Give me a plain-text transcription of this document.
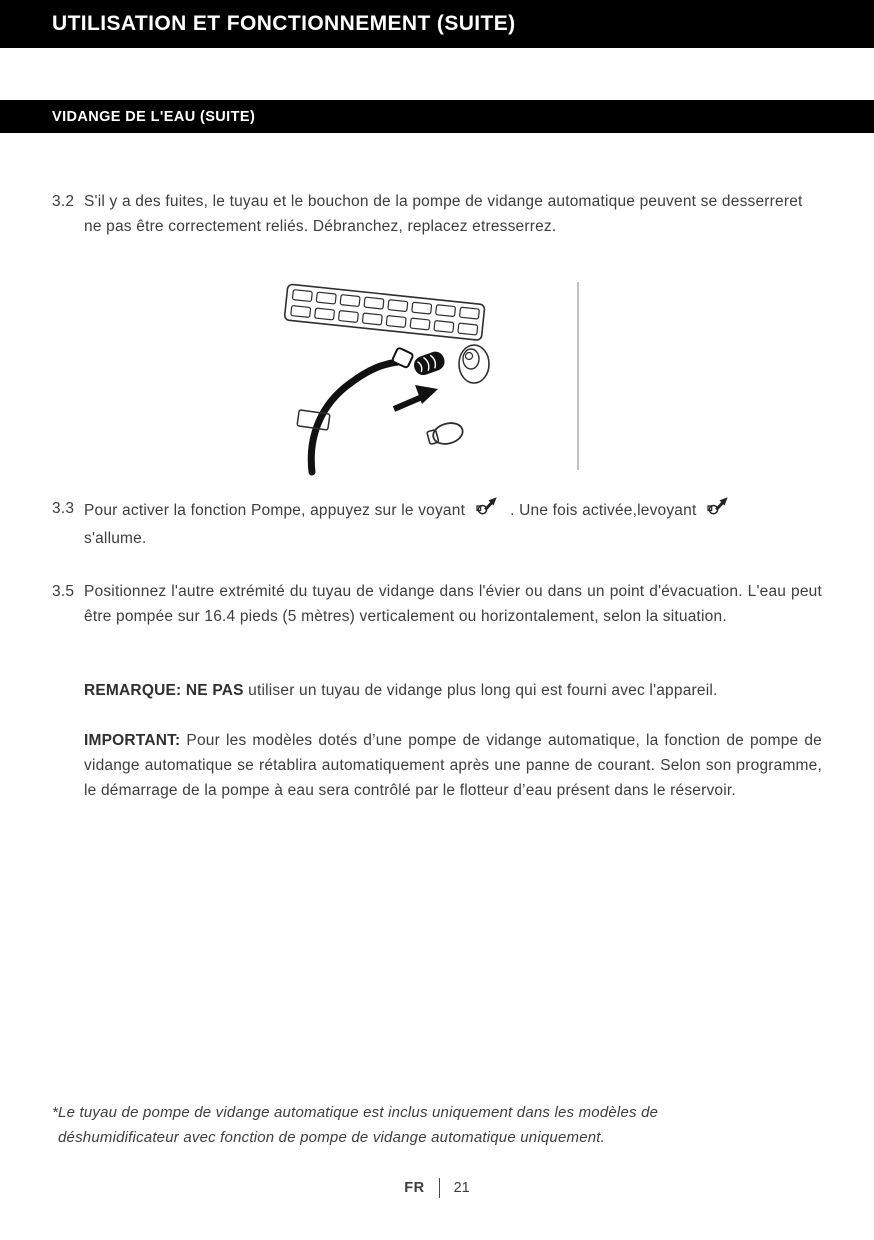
UTILISATION ET FONCTIONNEMENT (SUITE)
VIDANGE DE L'EAU (SUITE)
3.2 S'il y a des fuites, le tuyau et le bouchon de la pompe de vidange automatique peuvent se desserreret ne pas être correctement reliés. Débranchez, replacez etresserrez.
3.3 Pour activer la fonction Pompe, appuyez sur le voyant	. Une fois activée,levoyant
s'allume.
3.5 Positionnez l'autre extrémité du tuyau de vidange dans l'évier ou dans un point d'évacuation. L'eau peut être pompée sur 16.4 pieds (5 mètres) verticalement ou horizontalement, selon la situation.
REMARQUE: NE PAS utiliser un tuyau de vidange plus long qui est fourni avec l'appareil.
IMPORTANT: Pour les modèles dotés d’une pompe de vidange automatique, la fonction de pompe de vidange automatique se rétablira automatiquement après une panne de courant. Selon son programme, le démarrage de la pompe à eau sera contrôlé par le flotteur d’eau présent dans le réservoir.
*Le tuyau de pompe de vidange automatique est inclus uniquement dans les modèles de
déshumidificateur avec fonction de pompe de vidange automatique uniquement.
FR 21
